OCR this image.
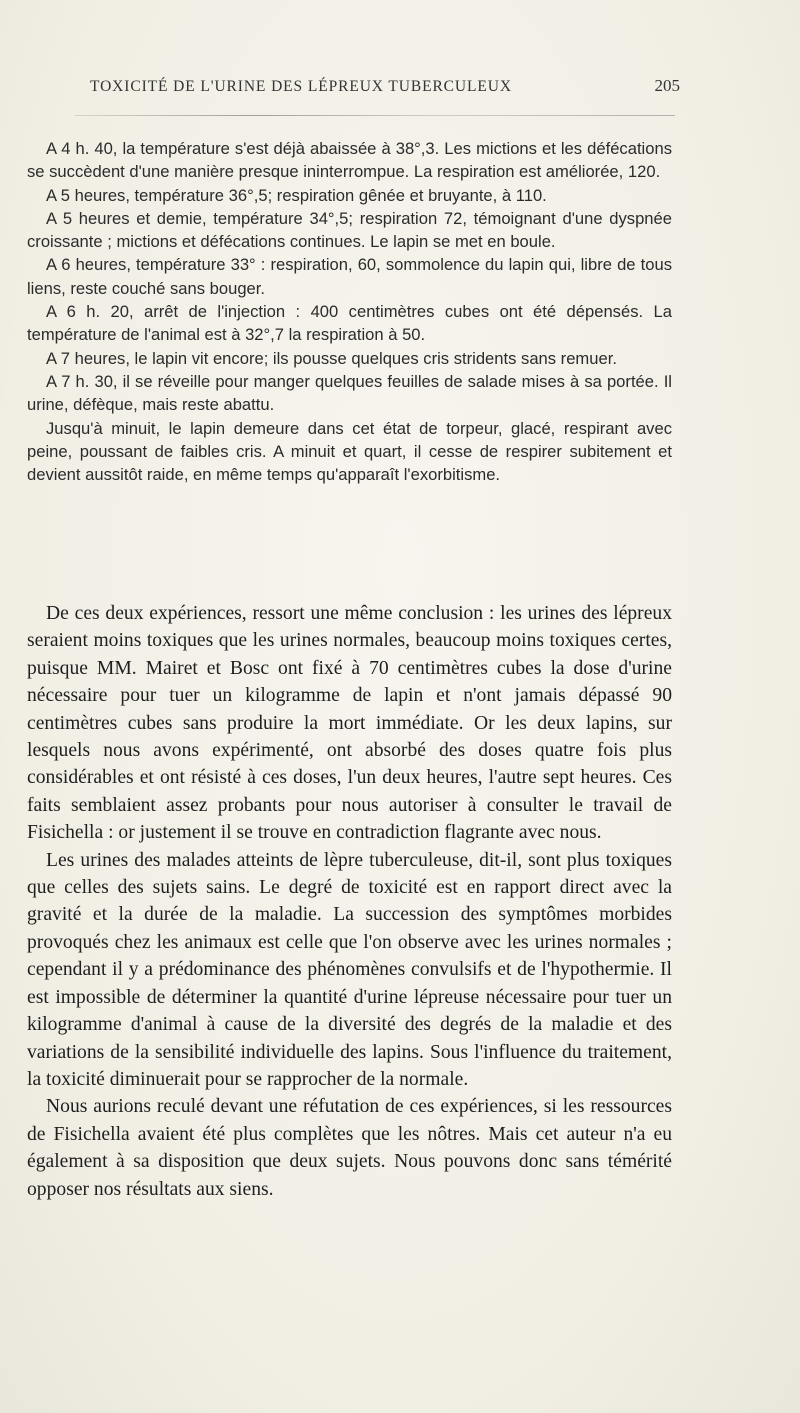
TOXICITÉ DE L'URINE DES LÉPREUX TUBERCULEUX	205

A 4 h. 40, la température s'est déjà abaissée à 38°,3. Les mictions et les défécations se succèdent d'une manière presque ininterrompue. La respiration est améliorée, 120.

A 5 heures, température 36°,5; respiration gênée et bruyante, à 110.

A 5 heures et demie, température 34°,5; respiration 72, témoignant d'une dyspnée croissante ; mictions et défécations continues. Le lapin se met en boule.

A 6 heures, température 33° : respiration, 60, sommolence du lapin qui, libre de tous liens, reste couché sans bouger.

A 6 h. 20, arrêt de l'injection : 400 centimètres cubes ont été dépensés. La température de l'animal est à 32°,7 la respiration à 50.

A 7 heures, le lapin vit encore; ils pousse quelques cris stridents sans remuer.

A 7 h. 30, il se réveille pour manger quelques feuilles de salade mises à sa portée. Il urine, défèque, mais reste abattu.

Jusqu'à minuit, le lapin demeure dans cet état de torpeur, glacé, respirant avec peine, poussant de faibles cris. A minuit et quart, il cesse de respirer subitement et devient aussitôt raide, en même temps qu'apparaît l'exorbitisme.

De ces deux expériences, ressort une même conclusion : les urines des lépreux seraient moins toxiques que les urines normales, beaucoup moins toxiques certes, puisque MM. Mairet et Bosc ont fixé à 70 centimètres cubes la dose d'urine nécessaire pour tuer un kilogramme de lapin et n'ont jamais dépassé 90 centimètres cubes sans produire la mort immédiate. Or les deux lapins, sur lesquels nous avons expérimenté, ont absorbé des doses quatre fois plus considérables et ont résisté à ces doses, l'un deux heures, l'autre sept heures. Ces faits semblaient assez probants pour nous autoriser à consulter le travail de Fisichella : or justement il se trouve en contradiction flagrante avec nous.

Les urines des malades atteints de lèpre tuberculeuse, dit-il, sont plus toxiques que celles des sujets sains. Le degré de toxicité est en rapport direct avec la gravité et la durée de la maladie. La succession des symptômes morbides provoqués chez les animaux est celle que l'on observe avec les urines normales ; cependant il y a prédominance des phénomènes convulsifs et de l'hypothermie. Il est impossible de déterminer la quantité d'urine lépreuse nécessaire pour tuer un kilogramme d'animal à cause de la diversité des degrés de la maladie et des variations de la sensibilité individuelle des lapins. Sous l'influence du traitement, la toxicité diminuerait pour se rapprocher de la normale.

Nous aurions reculé devant une réfutation de ces expériences, si les ressources de Fisichella avaient été plus complètes que les nôtres. Mais cet auteur n'a eu également à sa disposition que deux sujets. Nous pouvons donc sans témérité opposer nos résultats aux siens.
